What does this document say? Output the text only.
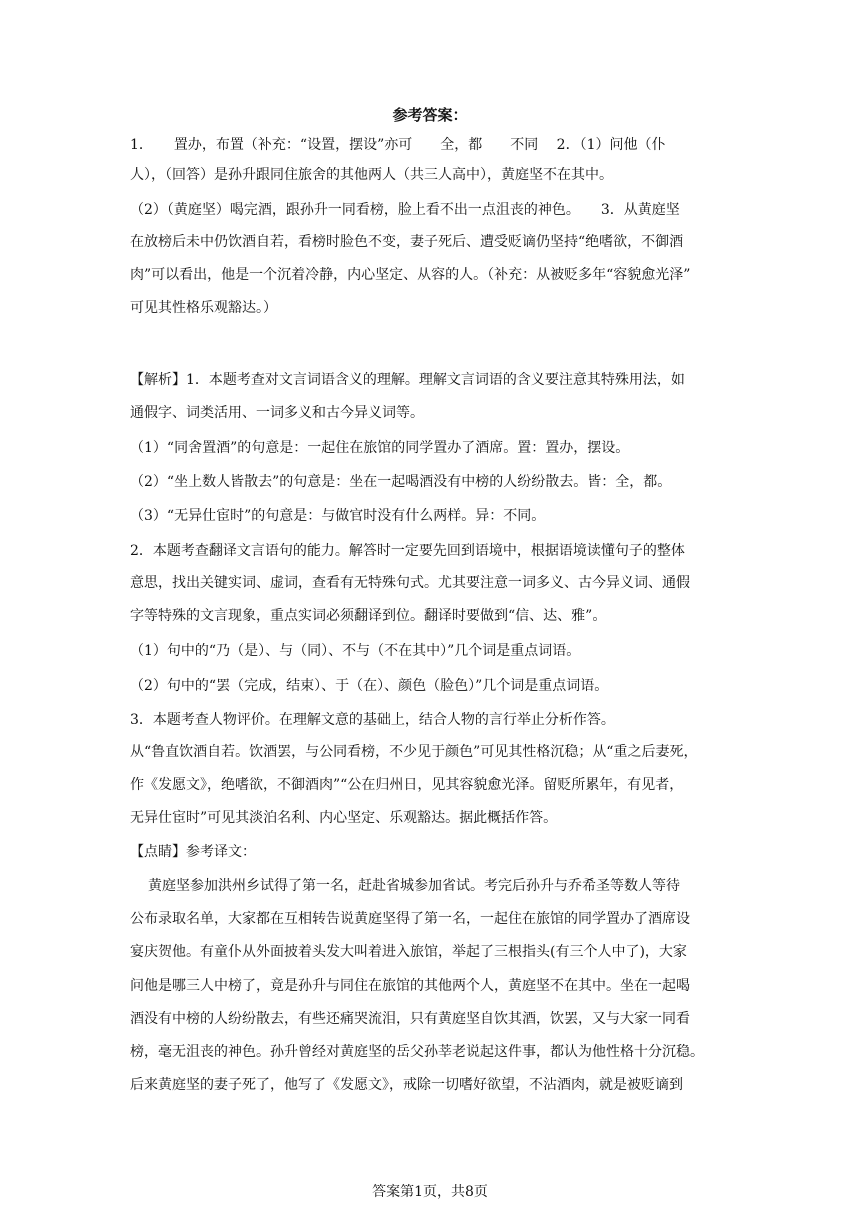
参考答案：
1．　　置办，布置（补充：“设置，摆设”亦可　　全，都　　不同　 2．（1）问他（仆
人），（回答）是孙升跟同住旅舍的其他两人（共三人高中），黄庭坚不在其中。
（2）（黄庭坚）喝完酒，跟孙升一同看榜，脸上看不出一点沮丧的神色。　　3．从黄庭坚
在放榜后未中仍饮酒自若，看榜时脸色不变，妻子死后、遭受贬谪仍坚持“绝嗜欲，不御酒
肉”可以看出，他是一个沉着冷静，内心坚定、从容的人。（补充：从被贬多年“容貌愈光泽”
可见其性格乐观豁达。）
【解析】1．本题考查对文言词语含义的理解。理解文言词语的含义要注意其特殊用法，如
通假字、词类活用、一词多义和古今异义词等。
（1）“同舍置酒”的句意是：一起住在旅馆的同学置办了酒席。置：置办，摆设。
（2）“坐上数人皆散去”的句意是：坐在一起喝酒没有中榜的人纷纷散去。皆：全，都。
（3）“无异仕宦时”的句意是：与做官时没有什么两样。异：不同。
2．本题考查翻译文言语句的能力。解答时一定要先回到语境中，根据语境读懂句子的整体
意思，找出关键实词、虚词，查看有无特殊句式。尤其要注意一词多义、古今异义词、通假
字等特殊的文言现象，重点实词必须翻译到位。翻译时要做到“信、达、雅”。
（1）句中的“乃（是）、与（同）、不与（不在其中）”几个词是重点词语。
（2）句中的“罢（完成，结束）、于（在）、颜色（脸色）”几个词是重点词语。
3．本题考查人物评价。在理解文意的基础上，结合人物的言行举止分析作答。
从“鲁直饮酒自若。饮酒罢，与公同看榜，不少见于颜色”可见其性格沉稳；从“重之后妻死，
作《发愿文》，绝嗜欲，不御酒肉”“公在归州日，见其容貌愈光泽。留贬所累年，有见者，
无异仕宦时”可见其淡泊名利、内心坚定、乐观豁达。据此概括作答。
【点睛】参考译文：
黄庭坚参加洪州乡试得了第一名，赶赴省城参加省试。考完后孙升与乔希圣等数人等待
公布录取名单，大家都在互相转告说黄庭坚得了第一名，一起住在旅馆的同学置办了酒席设
宴庆贺他。有童仆从外面披着头发大叫着进入旅馆，举起了三根指头(有三个人中了)，大家
问他是哪三人中榜了，竟是孙升与同住在旅馆的其他两个人，黄庭坚不在其中。坐在一起喝
酒没有中榜的人纷纷散去，有些还痛哭流泪，只有黄庭坚自饮其酒，饮罢，又与大家一同看
榜，毫无沮丧的神色。孙升曾经对黄庭坚的岳父孙莘老说起这件事，都认为他性格十分沉稳。
后来黄庭坚的妻子死了，他写了《发愿文》，戒除一切嗜好欲望，不沾酒肉，就是被贬谪到
答案第1页，共8页
